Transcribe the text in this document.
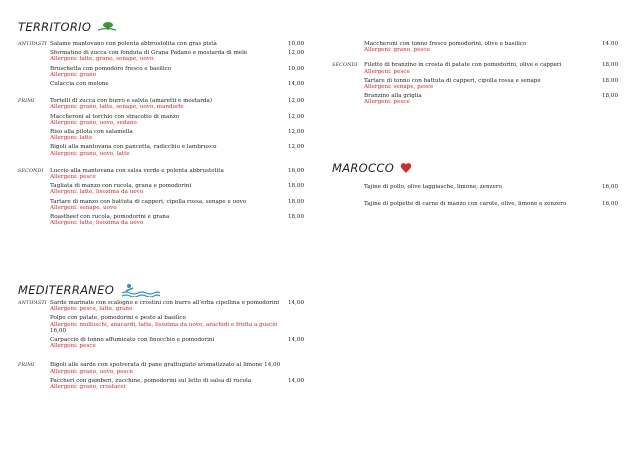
TERRITORIO
ANTIPASTI Salame mantovano con polenta abbrustolita con gras pistà	10,00
Sformatino di zucca con fonduta di Grana Padano e mostarda di mele	12,00
Allergeni: latte, grano, senape, uovo.
Bruschetta con pomodoro fresco e basilico	10,00
Allergeni: grano
Culaccia con melone	14,00
PRIMI	Tortelli di zucca con burro e salvia (amaretti e mostarda)	12,00
Allergeni: grano, latte, senape, uovo, mandorle
Maccheroni al torchio con stracotto di manzo	12,00
Allergeni: grano, uovo, sedano
Riso alla pilota con salamella	12,00
Allergeni: latte
Bigoli alla mantovana con pancetta, radicchio e lambrusco	12,00
Allergeni: grano, uovo, latte
SECONDI	Luccio alla mantovana con salsa verde e polenta abbrustolita	16,00
Allergeni: pesce
Tagliata di manzo con rucola, grana e pomodorini	18,00
Allergeni: latte, lisozima da uovo
Tartare di manzo con battuta di capperi, cipolla rossa, senape e uovo	18,00
Allergeni: senape, uovo
Roastbeef con rucola, pomodorini e grana	18,00
Allergeni: latte, lisozima da uovo
MEDITERRANEO
ANTIPASTI Sarde marinate con scalogno e crostini con burro all'erba cipollina e pomodorini	14,00
Allergeni: pesce, latte, grano
Polpo con patate, pomodorini e pesto al basilico
Allergeni: molluschi, anacardi, latte, lisozima da uovo, arachidi e frutta a guscio
16,00
Carpaccio di tonno affumicato con finocchio e pomodorini	14,00
Allergeni: pesce
PRIMI	Bigoli alle sarde con spolverata di pane grattugiato aromatizzato al limone 14,00
Allergeni: grano, uovo, pesce
Paccheri con gamberi, zucchine, pomodorini sul letto di salsa di rucola	14,00
Allergeni: grano, crostacei
Maccheroni con tonno fresco pomodorini, olive e basilico	14.00
Allergeni: grano, pesce
SECONDI	Filetto di branzino in crosta di patate con pomodorini, olive e capperi	18,00
Allergeni: pesce
Tartare di tonno con battuta di capperi, cipolla rossa e senape	18.00
Allergeni: senape, pesce
Branzino alla griglia	18,00
Allergeni: pesce
MAROCCO
Tajine di pollo, olive taggiasche, limone, zenzero	16,00
Tajine di polpette di carne di manzo con carote, olive, limone e zenzero	16,00
